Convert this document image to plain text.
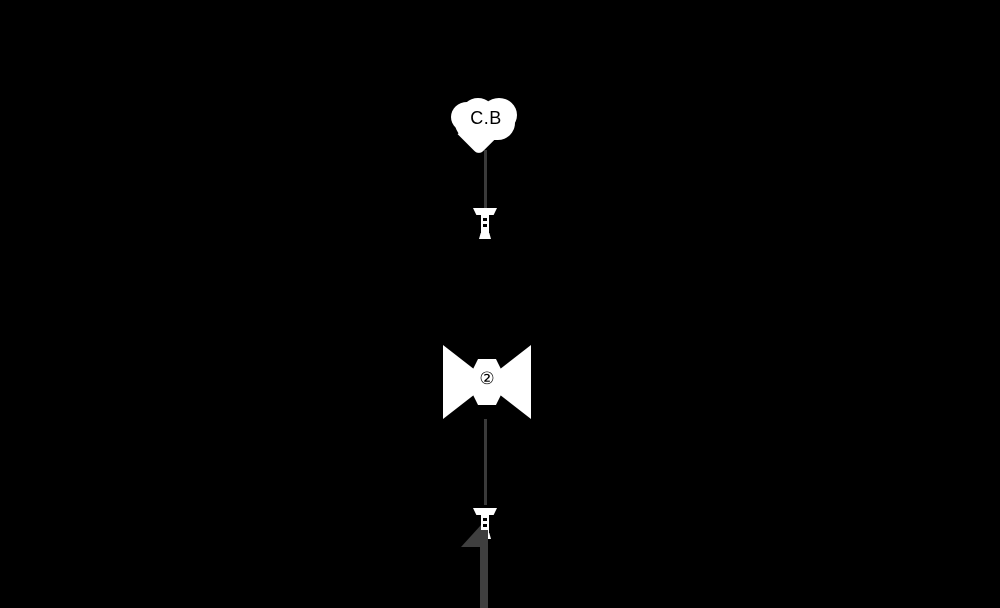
C.B
②
